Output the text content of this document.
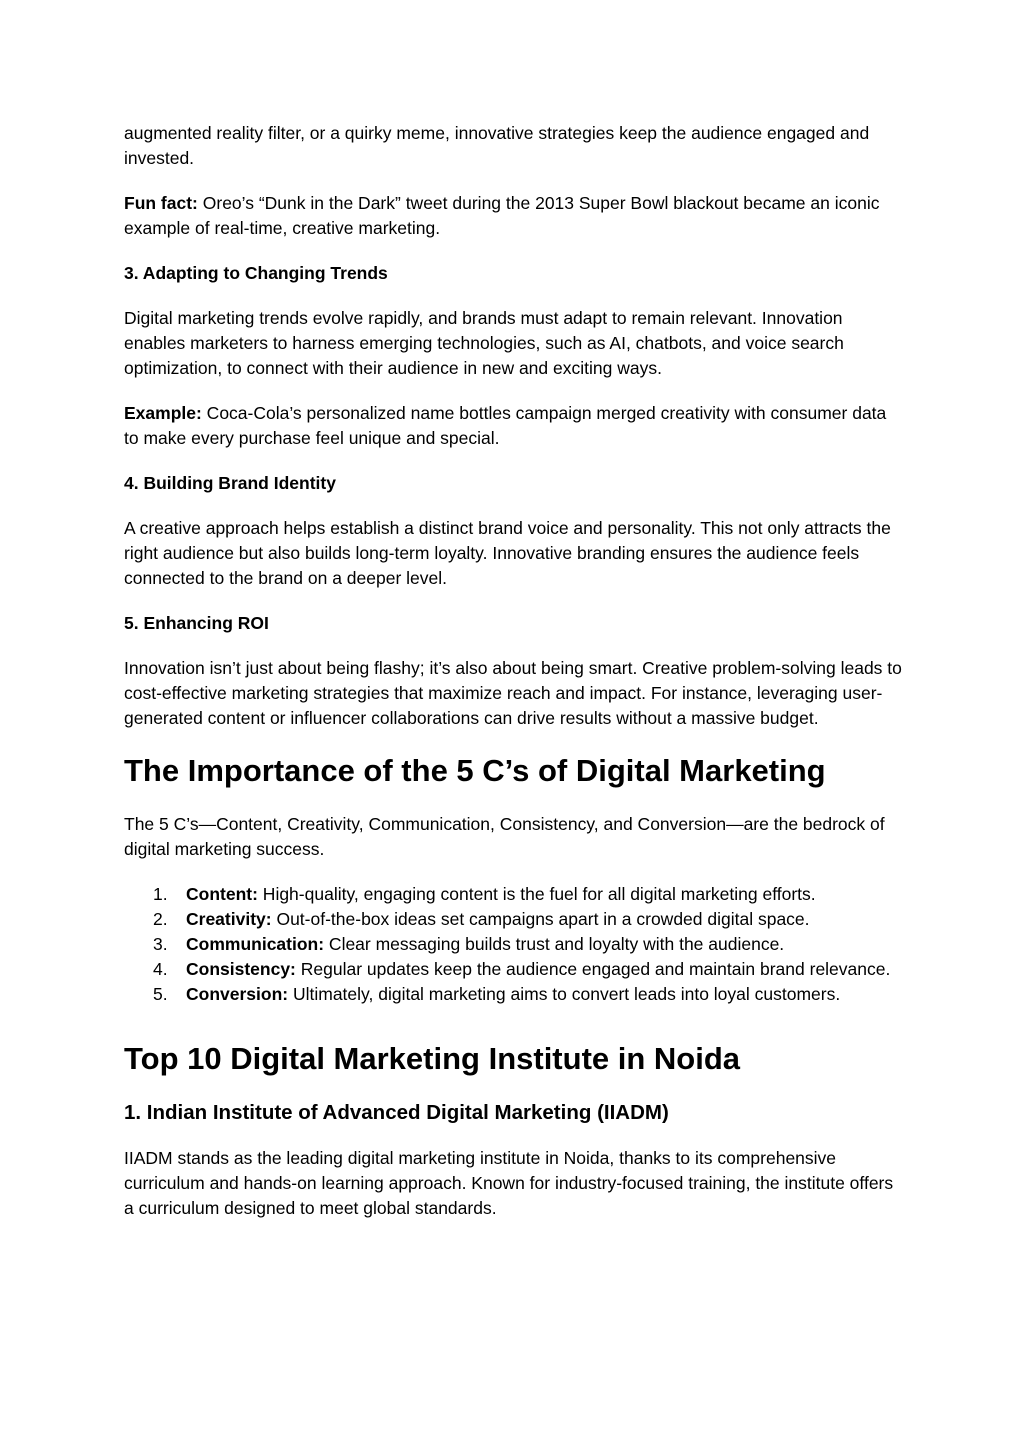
augmented reality filter, or a quirky meme, innovative strategies keep the audience engaged and invested.

Fun fact: Oreo’s “Dunk in the Dark” tweet during the 2013 Super Bowl blackout became an iconic example of real-time, creative marketing.

3. Adapting to Changing Trends

Digital marketing trends evolve rapidly, and brands must adapt to remain relevant. Innovation enables marketers to harness emerging technologies, such as AI, chatbots, and voice search optimization, to connect with their audience in new and exciting ways.

Example: Coca-Cola’s personalized name bottles campaign merged creativity with consumer data to make every purchase feel unique and special.

4. Building Brand Identity

A creative approach helps establish a distinct brand voice and personality. This not only attracts the right audience but also builds long-term loyalty. Innovative branding ensures the audience feels connected to the brand on a deeper level.

5. Enhancing ROI

Innovation isn’t just about being flashy; it’s also about being smart. Creative problem-solving leads to cost-effective marketing strategies that maximize reach and impact. For instance, leveraging user-generated content or influencer collaborations can drive results without a massive budget.

The Importance of the 5 C’s of Digital Marketing

The 5 C’s—Content, Creativity, Communication, Consistency, and Conversion—are the bedrock of digital marketing success.

1. Content: High-quality, engaging content is the fuel for all digital marketing efforts.
2. Creativity: Out-of-the-box ideas set campaigns apart in a crowded digital space.
3. Communication: Clear messaging builds trust and loyalty with the audience.
4. Consistency: Regular updates keep the audience engaged and maintain brand relevance.
5. Conversion: Ultimately, digital marketing aims to convert leads into loyal customers.
Top 10 Digital Marketing Institute in Noida
1. Indian Institute of Advanced Digital Marketing (IIADM)

IIADM stands as the leading digital marketing institute in Noida, thanks to its comprehensive curriculum and hands-on learning approach. Known for industry-focused training, the institute offers a curriculum designed to meet global standards.
